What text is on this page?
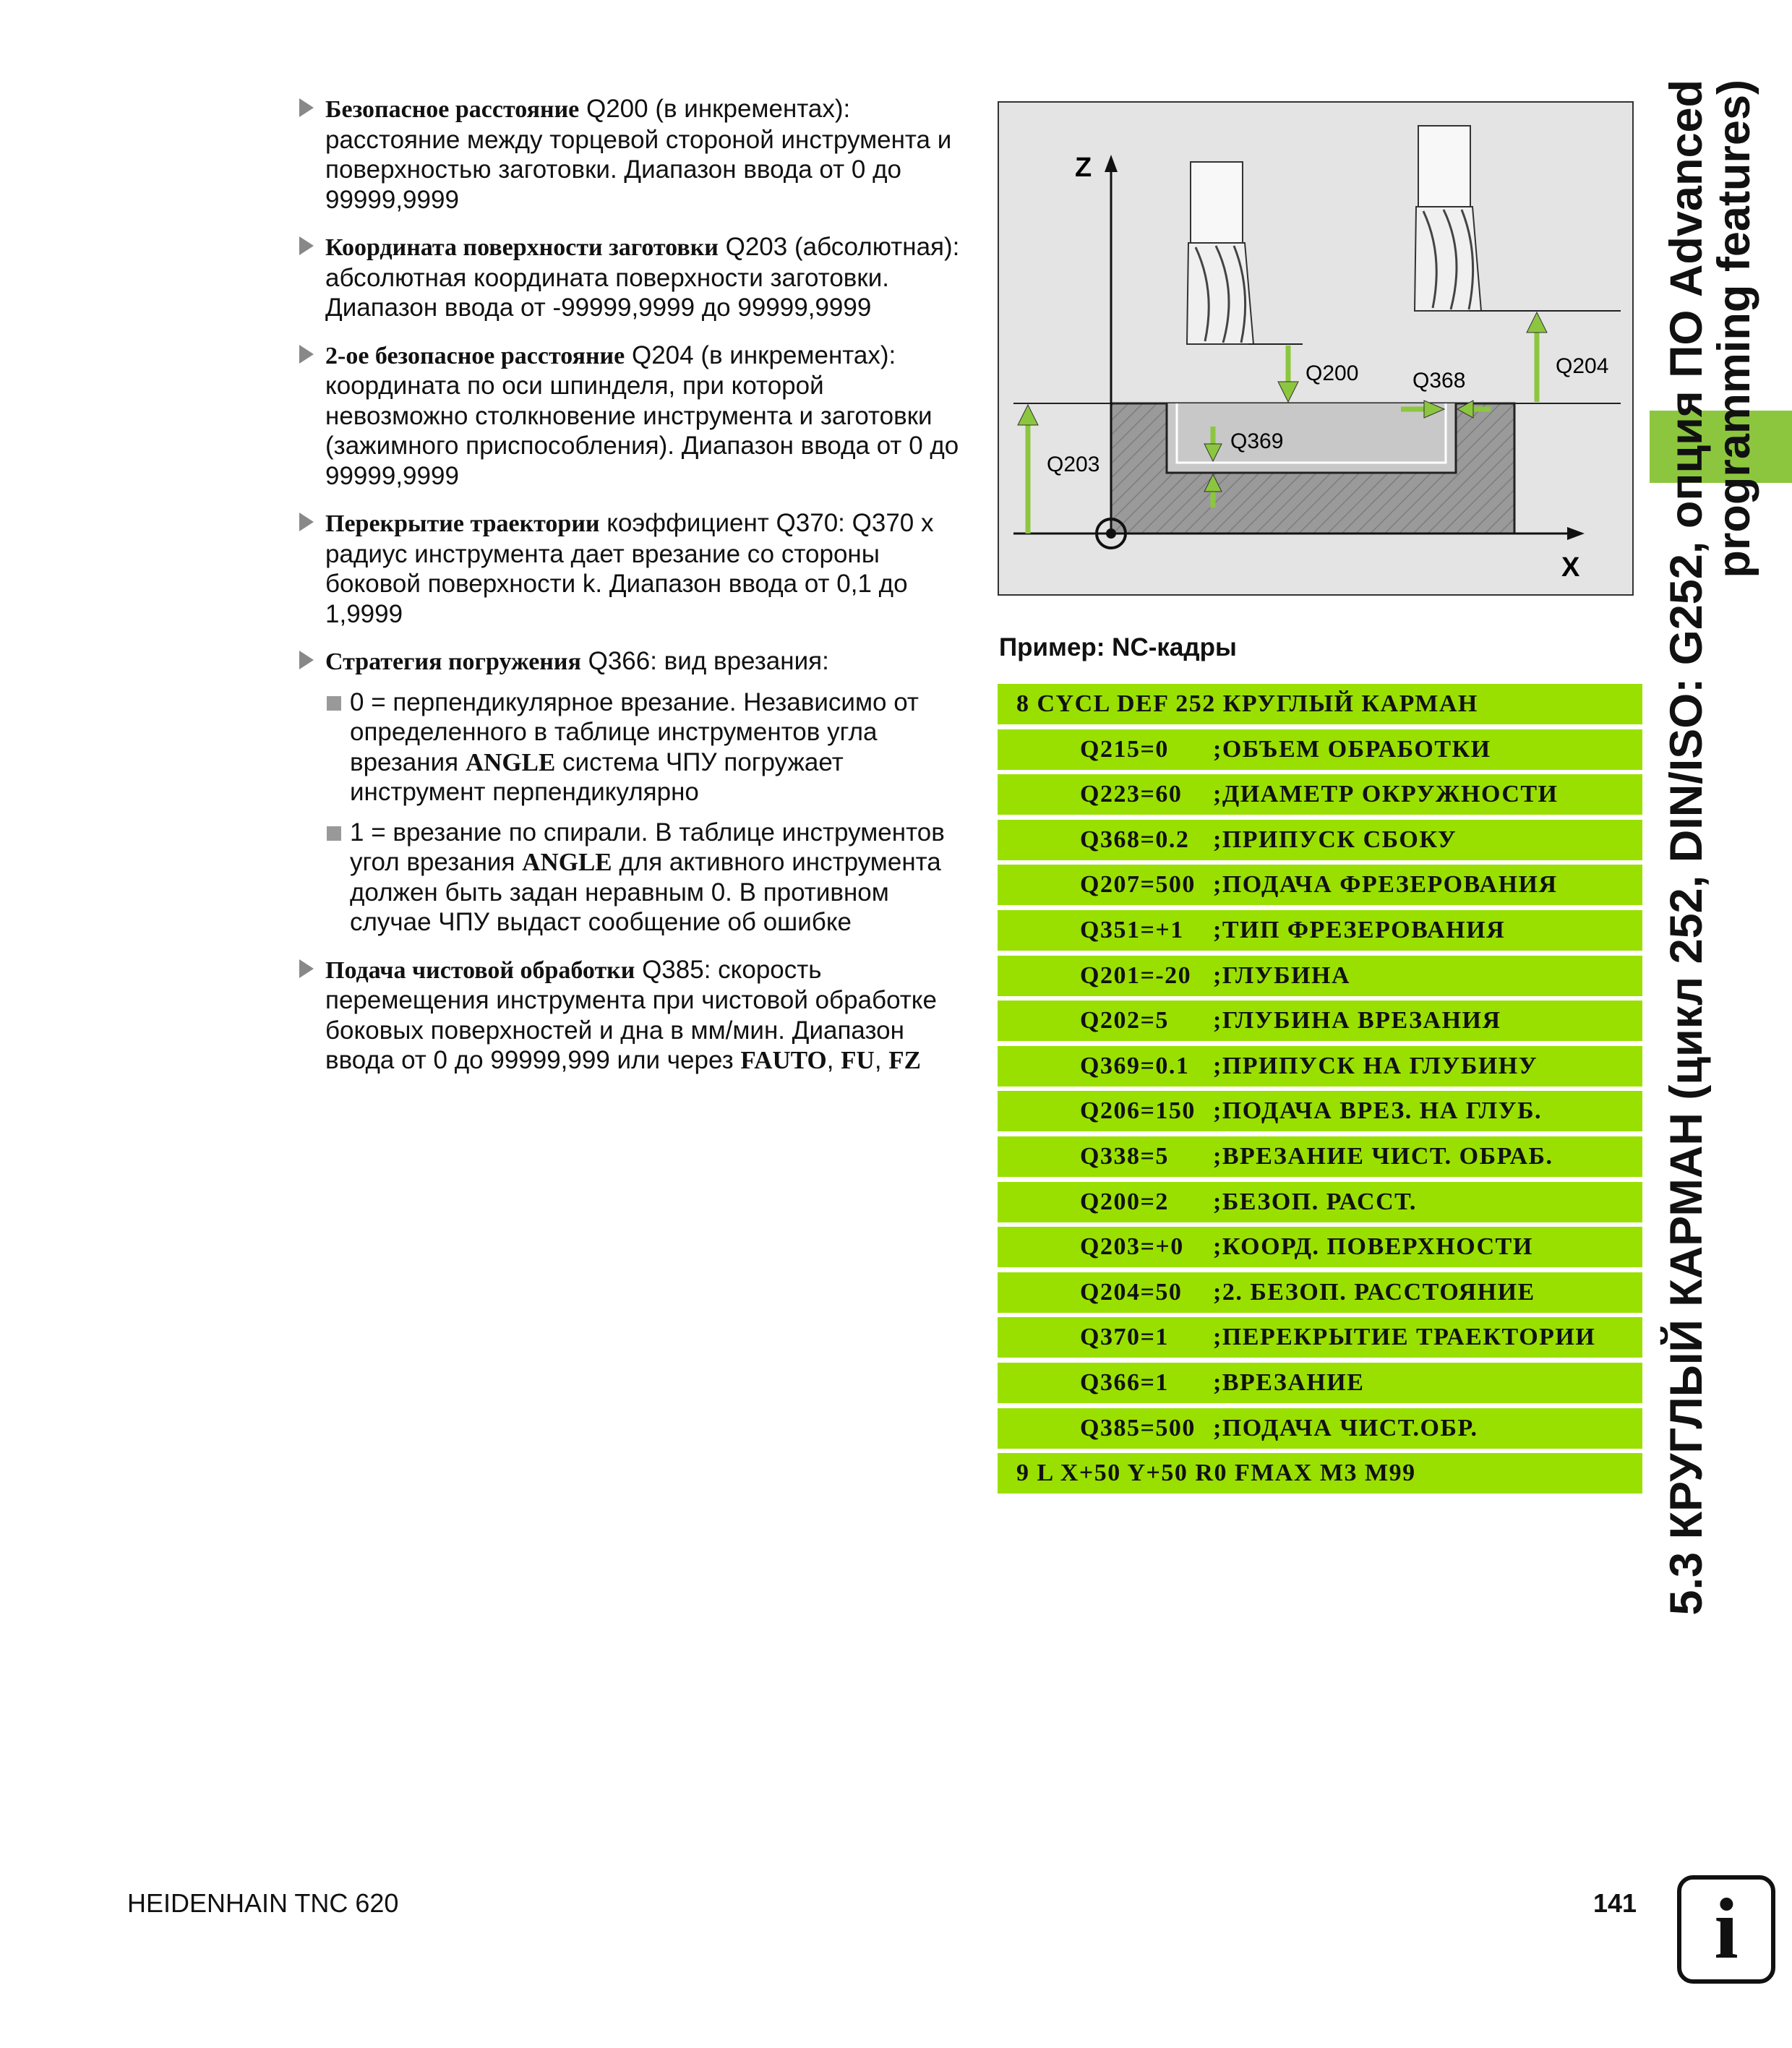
Безопасное расстояние Q200 (в инкрементах): расстояние между торцевой стороной инструмента и поверхностью заготовки. Диапазон ввода от 0 до 99999,9999
Координата поверхности заготовки Q203 (абсолютная): абсолютная координата поверхности заготовки. Диапазон ввода от -99999,9999 до 99999,9999
2-ое безопасное расстояние Q204 (в инкрементах): координата по оси шпинделя, при которой невозможно столкновение инструмента и заготовки (зажимного приспособления). Диапазон ввода от 0 до 99999,9999
Перекрытие траектории коэффициент Q370: Q370 x радиус инструмента дает врезание со стороны боковой поверхности k. Диапазон ввода от 0,1 до 1,9999
Стратегия погружения Q366: вид врезания:
0 = перпендикулярное врезание. Независимо от определенного в таблице инструментов угла врезания ANGLE система ЧПУ погружает инструмент перпендикулярно
1 = врезание по спирали. В таблице инструментов угол врезания ANGLE для активного инструмента должен быть задан неравным 0. В противном случае ЧПУ выдаст сообщение об ошибке
Подача чистовой обработки Q385: скорость перемещения инструмента при чистовой обработке боковых поверхностей и дна в мм/мин. Диапазон ввода от 0 до 99999,999 или через FAUTO, FU, FZ
Z
X
Q200	Q204
Q368
Q369
Q203
Пример: NC-кадры
8 CYCL DEF 252 КРУГЛЫЙ КАРМАН
Q215=0 ;ОБЪЕМ ОБРАБОТКИ
Q223=60 ;ДИАМЕТР ОКРУЖНОСТИ
Q368=0.2 ;ПРИПУСК СБОКУ
Q207=500 ;ПОДАЧА ФРЕЗЕРОВАНИЯ
Q351=+1 ;ТИП ФРЕЗЕРОВАНИЯ
Q201=-20 ;ГЛУБИНА
Q202=5 ;ГЛУБИНА ВРЕЗАНИЯ
Q369=0.1 ;ПРИПУСК НА ГЛУБИНУ
Q206=150 ;ПОДАЧА ВРЕЗ. НА ГЛУБ.
Q338=5 ;ВРЕЗАНИЕ ЧИСТ. ОБРАБ.
Q200=2 ;БЕЗОП. РАССТ.
Q203=+0 ;КООРД. ПОВЕРХНОСТИ
Q204=50 ;2. БЕЗОП. РАССТОЯНИЕ
Q370=1 ;ПЕРЕКРЫТИЕ ТРАЕКТОРИИ
Q366=1 ;ВРЕЗАНИЕ
Q385=500 ;ПОДАЧА ЧИСТ.ОБР.
9 L X+50 Y+50 R0 FMAX M3 M99	5.3 КРУГЛЫЙ КАРМАН (цикл 252, DIN/ISO: G252, опция ПО Advanced
programming features)
HEIDENHAIN TNC 620	141 i
